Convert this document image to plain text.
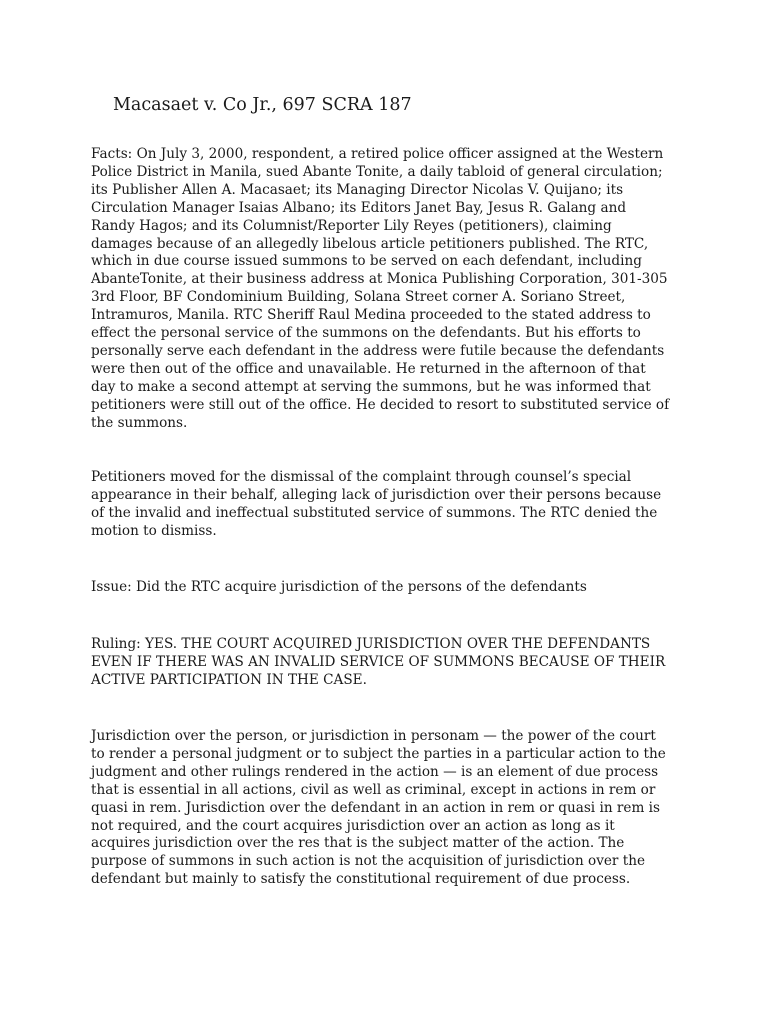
Macasaet v. Co Jr., 697 SCRA 187

Facts: On July 3, 2000, respondent, a retired police officer assigned at the Western
Police District in Manila, sued Abante Tonite, a daily tabloid of general circulation;
its Publisher Allen A. Macasaet; its Managing Director Nicolas V. Quijano; its
Circulation Manager Isaias Albano; its Editors Janet Bay, Jesus R. Galang and
Randy Hagos; and its Columnist/Reporter Lily Reyes (petitioners), claiming
damages because of an allegedly libelous article petitioners published. The RTC,
which in due course issued summons to be served on each defendant, including
AbanteTonite, at their business address at Monica Publishing Corporation, 301-305
3rd Floor, BF Condominium Building, Solana Street corner A. Soriano Street,
Intramuros, Manila. RTC Sheriff Raul Medina proceeded to the stated address to
effect the personal service of the summons on the defendants. But his efforts to
personally serve each defendant in the address were futile because the defendants
were then out of the office and unavailable. He returned in the afternoon of that
day to make a second attempt at serving the summons, but he was informed that
petitioners were still out of the office. He decided to resort to substituted service of
the summons.

Petitioners moved for the dismissal of the complaint through counsel’s special
appearance in their behalf, alleging lack of jurisdiction over their persons because
of the invalid and ineffectual substituted service of summons. The RTC denied the
motion to dismiss.

Issue: Did the RTC acquire jurisdiction of the persons of the defendants

Ruling: YES. THE COURT ACQUIRED JURISDICTION OVER THE DEFENDANTS
EVEN IF THERE WAS AN INVALID SERVICE OF SUMMONS BECAUSE OF THEIR
ACTIVE PARTICIPATION IN THE CASE.

Jurisdiction over the person, or jurisdiction in personam — the power of the court
to render a personal judgment or to subject the parties in a particular action to the
judgment and other rulings rendered in the action — is an element of due process
that is essential in all actions, civil as well as criminal, except in actions in rem or
quasi in rem. Jurisdiction over the defendant in an action in rem or quasi in rem is
not required, and the court acquires jurisdiction over an action as long as it
acquires jurisdiction over the res that is the subject matter of the action. The
purpose of summons in such action is not the acquisition of jurisdiction over the
defendant but mainly to satisfy the constitutional requirement of due process.
